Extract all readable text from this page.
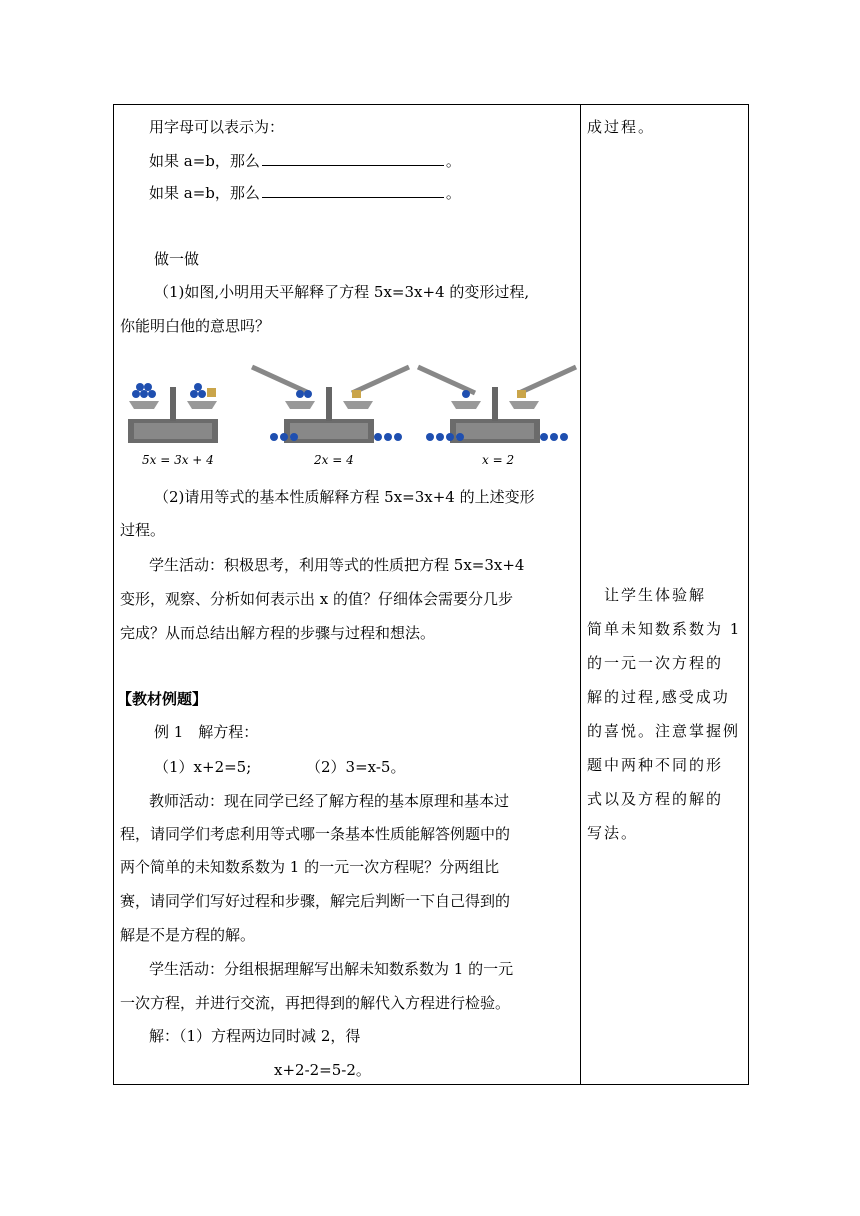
用字母可以表示为：
如果 a=b，那么	。
如果 a=b，那么	。
做一做
（1)如图,小明用天平解释了方程 5x=3x+4 的变形过程,
你能明白他的意思吗？
5x = 3x + 4	2x = 4	x = 2
（2)请用等式的基本性质解释方程 5x=3x+4 的上述变形
过程。
学生活动：积极思考，利用等式的性质把方程 5x=3x+4
变形，观察、分析如何表示出 x 的值？仔细体会需要分几步
完成？从而总结出解方程的步骤与过程和想法。
【教材例题】
例 1　解方程：
（1）x+2=5;	（2）3=x-5。
教师活动：现在同学已经了解方程的基本原理和基本过
程，请同学们考虑利用等式哪一条基本性质能解答例题中的
两个简单的未知数系数为 1 的一元一次方程呢？分两组比
赛，请同学们写好过程和步骤，解完后判断一下自己得到的
解是不是方程的解。
学生活动：分组根据理解写出解未知数系数为 1 的一元
一次方程，并进行交流，再把得到的解代入方程进行检验。
解：（1）方程两边同时减 2，得
x+2-2=5-2。
成过程。
　让学生体验解
简单未知数系数为 1
的一元一次方程的
解的过程,感受成功
的喜悦。注意掌握例
题中两种不同的形
式以及方程的解的
写法。
